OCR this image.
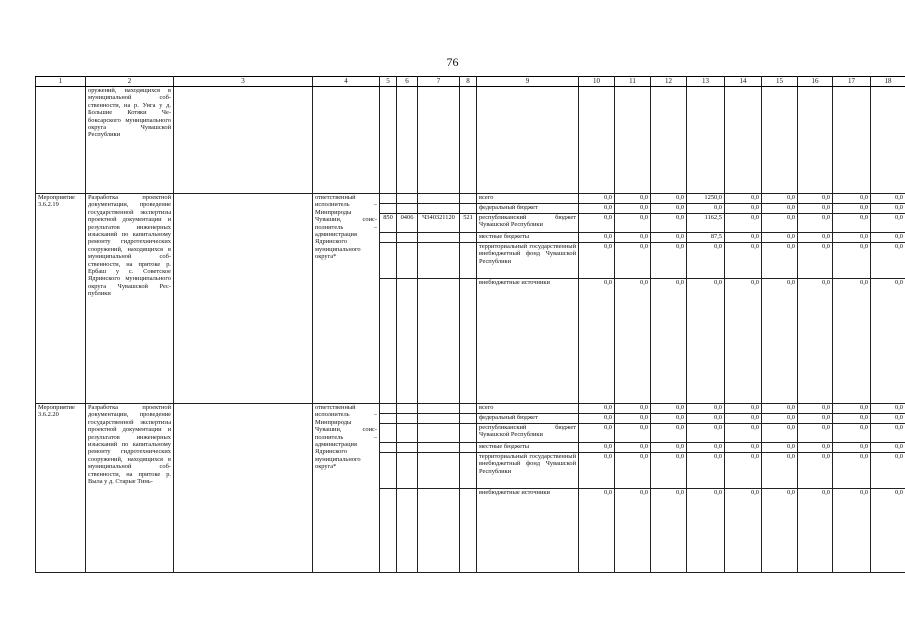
76
1	2	3	4	5	6	7	8	9	10	11	12	13	14	15	16	17	18
	оружений, находящихся в муниципальной собственности, на р. Унга у д. Большие Котяки Чебоксарского муниципального округа Чувашской Республики																
Мероприятие 3.6.2.19	Разработка проектной документации, проведение государственной экспертизы проектной документации и результатов инженерных изысканий по капитальному ремонту гидротехнических сооружений, находящихся в муниципальной собственности, на притоке р. Ербаш у с. Советское Ядринского муниципального округа Чувашской Республики		ответственный исполнитель – Минприроды Чувашии, соисполнитель – администрация Ядринского муниципального округа*					всего	0,0	0,0	0,0	1250,0	0,0	0,0	0,0	0,0	0,0
								федеральный бюджет	0,0	0,0	0,0	0,0	0,0	0,0	0,0	0,0	0,0
				850	0406	Ч340321120	521	республиканский бюджет Чувашской Республики	0,0	0,0	0,0	1162,5	0,0	0,0	0,0	0,0	0,0
								местные бюджеты	0,0	0,0	0,0	87,5	0,0	0,0	0,0	0,0	0,0
								территориальный государственный внебюджетный фонд Чувашской Республики	0,0	0,0	0,0	0,0	0,0	0,0	0,0	0,0	0,0
								внебюджетные источники	0,0	0,0	0,0	0,0	0,0	0,0	0,0	0,0	0,0
Мероприятие 3.6.2.20	Разработка проектной документации, проведение государственной экспертизы проектной документации и результатов инженерных изысканий по капитальному ремонту гидротехнических сооружений, находящихся в муниципальной собственности, на притоке р. Выла у д. Старые Тинь-		ответственный исполнитель – Минприроды Чувашии, соисполнитель – администрация Ядринского муниципального округа*					всего	0,0	0,0	0,0	0,0	0,0	0,0	0,0	0,0	0,0
								федеральный бюджет	0,0	0,0	0,0	0,0	0,0	0,0	0,0	0,0	0,0
								республиканский бюджет Чувашской Республики	0,0	0,0	0,0	0,0	0,0	0,0	0,0	0,0	0,0
								местные бюджеты	0,0	0,0	0,0	0,0	0,0	0,0	0,0	0,0	0,0
								территориальный государственный внебюджетный фонд Чувашской Республики	0,0	0,0	0,0	0,0	0,0	0,0	0,0	0,0	0,0
								внебюджетные источники	0,0	0,0	0,0	0,0	0,0	0,0	0,0	0,0	0,0
